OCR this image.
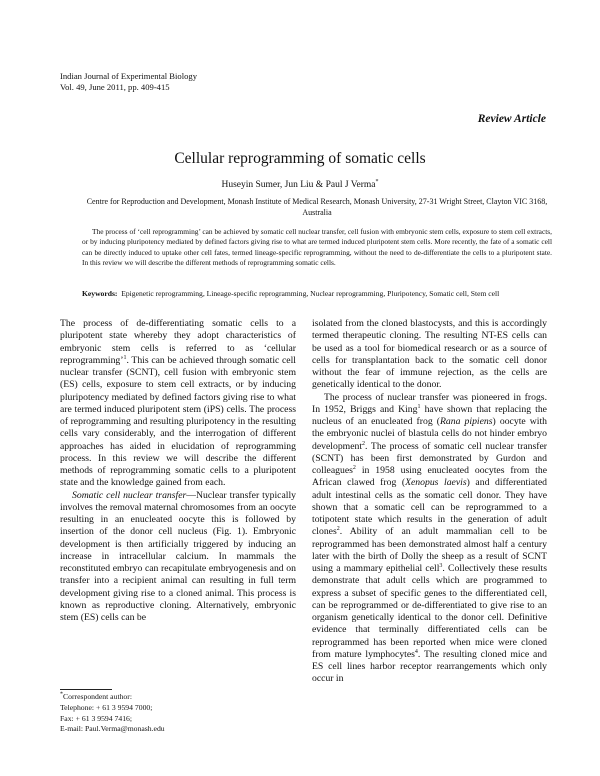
Indian Journal of Experimental Biology
Vol. 49, June 2011, pp. 409-415
Review Article
Cellular reprogramming of somatic cells
Huseyin Sumer, Jun Liu & Paul J Verma*
Centre for Reproduction and Development, Monash Institute of Medical Research, Monash University, 27-31 Wright Street, Clayton VIC 3168, Australia
The process of ‘cell reprogramming’ can be achieved by somatic cell nuclear transfer, cell fusion with embryonic stem cells, exposure to stem cell extracts, or by inducing pluripotency mediated by defined factors giving rise to what are termed induced pluripotent stem cells. More recently, the fate of a somatic cell can be directly induced to uptake other cell fates, termed lineage-specific reprogramming, without the need to de-differentiate the cells to a pluripotent state. In this review we will describe the different methods of reprogramming somatic cells.
Keywords: Epigenetic reprogramming, Lineage-specific reprogramming, Nuclear reprogramming, Pluripotency, Somatic cell, Stem cell

The process of de-differentiating somatic cells to a pluripotent state whereby they adopt characteristics of embryonic stem cells is referred to as ‘cellular reprogramming’$^1$. This can be achieved through somatic cell nuclear transfer (SCNT), cell fusion with embryonic stem (ES) cells, exposure to stem cell extracts, or by inducing pluripotency mediated by defined factors giving rise to what are termed induced pluripotent stem (iPS) cells. The process of reprogramming and resulting pluripotency in the resulting cells vary considerably, and the interrogation of different approaches has aided in elucidation of reprogramming process. In this review we will describe the different methods of reprogramming somatic cells to a pluripotent state and the knowledge gained from each.

Somatic cell nuclear transfer—Nuclear transfer typically involves the removal maternal chromosomes from an oocyte resulting in an enucleated oocyte this is followed by insertion of the donor cell nucleus (Fig. 1). Embryonic development is then artificially triggered by inducing an increase in intracellular calcium. In mammals the reconstituted embryo can recapitulate embryogenesis and on transfer into a recipient animal can resulting in full term development giving rise to a cloned animal. This process is known as reproductive cloning. Alternatively, embryonic stem (ES) cells can be

isolated from the cloned blastocysts, and this is accordingly termed therapeutic cloning. The resulting NT-ES cells can be used as a tool for biomedical research or as a source of cells for transplantation back to the somatic cell donor without the fear of immune rejection, as the cells are genetically identical to the donor.

The process of nuclear transfer was pioneered in frogs. In 1952, Briggs and King$^1$ have shown that replacing the nucleus of an enucleated frog (Rana pipiens) oocyte with the embryonic nuclei of blastula cells do not hinder embryo development$^2$. The process of somatic cell nuclear transfer (SCNT) has been first demonstrated by Gurdon and colleagues$^2$ in 1958 using enucleated oocytes from the African clawed frog (Xenopus laevis) and differentiated adult intestinal cells as the somatic cell donor. They have shown that a somatic cell can be reprogrammed to a totipotent state which results in the generation of adult clones$^2$. Ability of an adult mammalian cell to be reprogrammed has been demonstrated almost half a century later with the birth of Dolly the sheep as a result of SCNT using a mammary epithelial cell$^3$. Collectively these results demonstrate that adult cells which are programmed to express a subset of specific genes to the differentiated cell, can be reprogrammed or de-differentiated to give rise to an organism genetically identical to the donor cell. Definitive evidence that terminally differentiated cells can be reprogrammed has been reported when mice were cloned from mature lymphocytes$^4$. The resulting cloned mice and ES cell lines harbor receptor rearrangements which only occur in

*Correspondent author:
Telephone: + 61 3 9594 7000;
Fax: + 61 3 9594 7416;
E-mail: Paul.Verma@monash.edu
